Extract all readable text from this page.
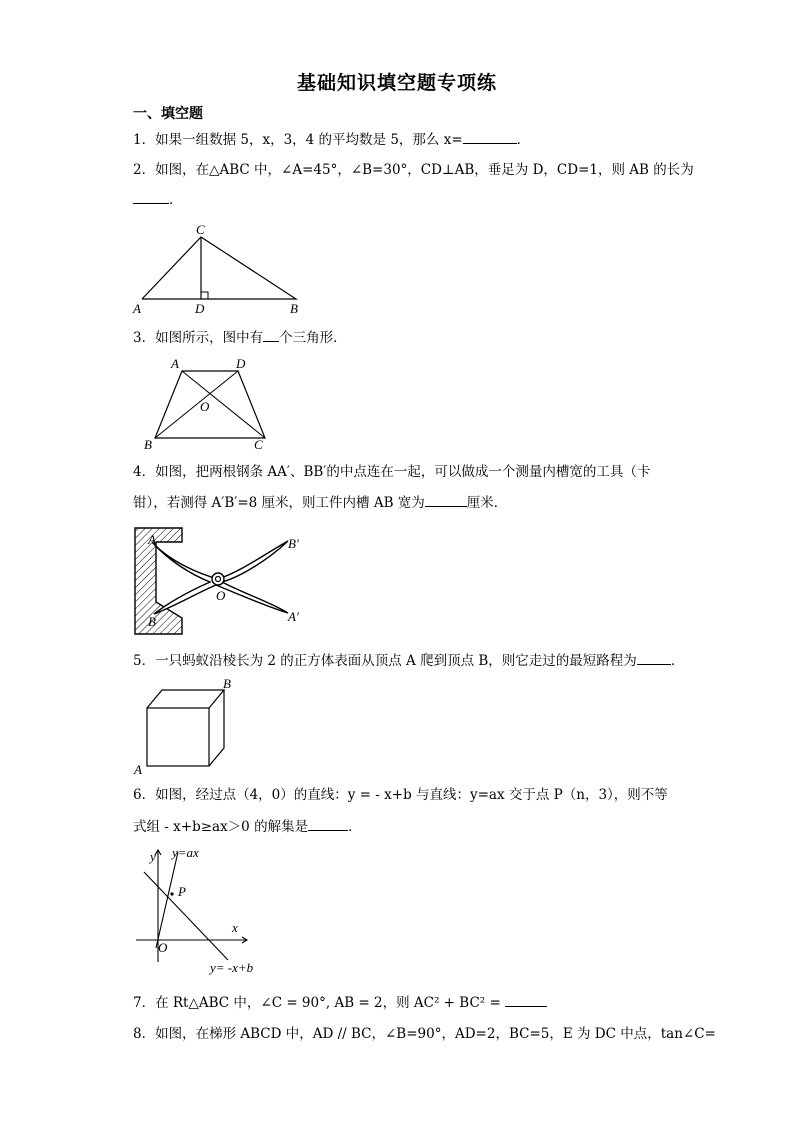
基础知识填空题专项练
一、填空题
1．如果一组数据 5，x，3，4 的平均数是 5，那么 x=	．
2．如图，在△ABC 中，∠A=45°，∠B=30°，CD⊥AB，垂足为 D，CD=1，则 AB 的长为
．
A
C
D	B
3．如图所示，图中有 个三角形．
A	D
O
B	C
4．如图，把两根钢条 AA′、BB′的中点连在一起，可以做成一个测量内槽宽的工具（卡
钳），若测得 A′B′=8 厘米，则工件内槽 AB 宽为	厘米．
A	B′
O
A′
B
5．一只蚂蚁沿棱长为 2 的正方体表面从顶点 A 爬到顶点 B，则它走过的最短路程为	．
B
A
6．如图，经过点（4，0）的直线：y = - x+b 与直线：y=ax 交于点 P（n，3），则不等
式组 - x+b≥ax＞0 的解集是	．
y y=ax
P
x
O
y= -x+b
7．在 Rt△ABC 中，∠C = 90°, AB = 2，则 AC² + BC² =
8．如图，在梯形 ABCD 中，AD // BC，∠B=90°，AD=2，BC=5，E 为 DC 中点，tan∠C=
